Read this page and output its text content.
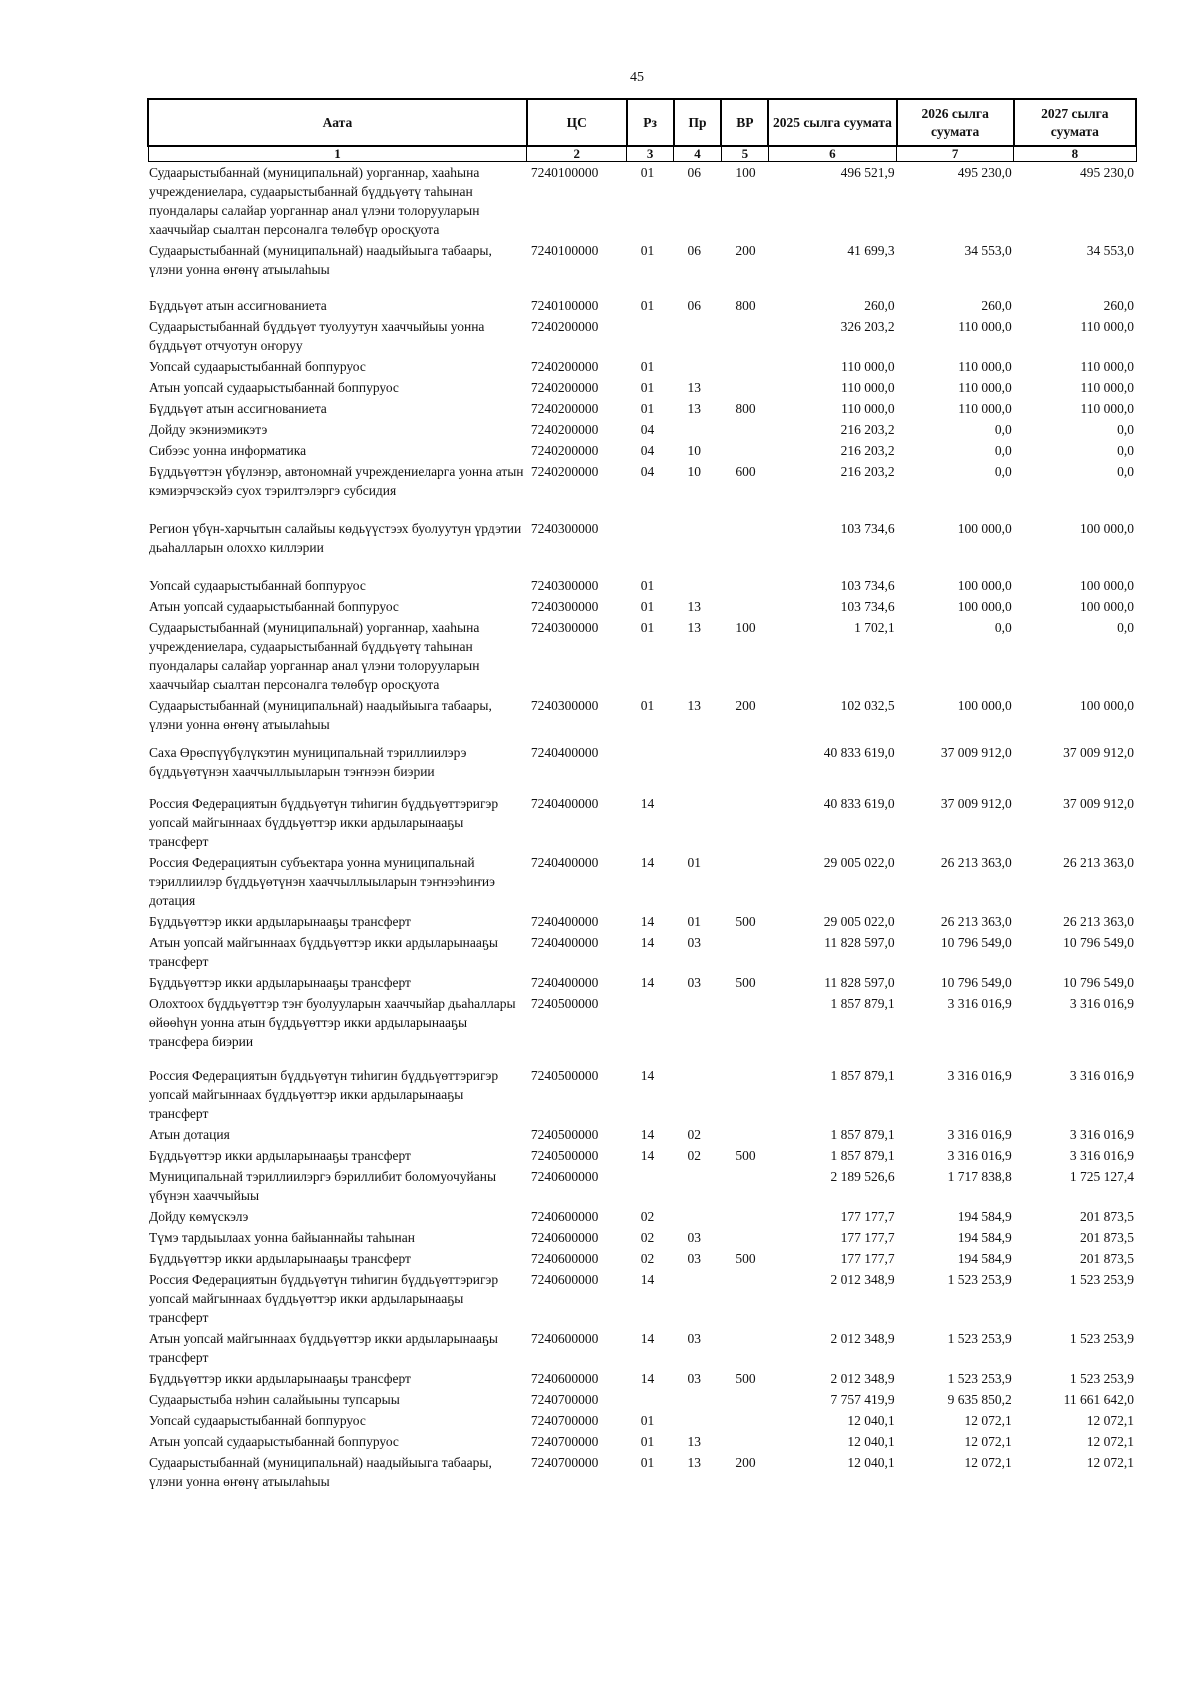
45
Аата	ЦС	Рз	Пр	ВР	2025 сылга суумата	2026 сылга суумата	2027 сылга суумата
1	2	3	4	5	6	7	8
Судаарыстыбаннай (муниципальнай) уорганнар, хааһына учреждениелара, судаарыстыбаннай бүддьүөтү таһынан пуондалары салайар уорганнар анал үлэни толорууларын хааччыйар сыалтан персоналга төлөбүр оросқуота	7240100000	01	06	100	496 521,9	495 230,0	495 230,0
Судаарыстыбаннай (муниципальнай) наадыйыыга табаары, үлэни уонна өҥөнү атыылаһыы	7240100000	01	06	200	41 699,3	34 553,0	34 553,0
Бүддьүөт атын ассигнованиета	7240100000	01	06	800	260,0	260,0	260,0
Судаарыстыбаннай бүддьүөт туолуутун хааччыйыы уонна бүддьүөт отчуотун оҥоруу	7240200000				326 203,2	110 000,0	110 000,0
Уопсай судаарыстыбаннай боппуруос	7240200000	01			110 000,0	110 000,0	110 000,0
Атын уопсай судаарыстыбаннай боппуруос	7240200000	01	13		110 000,0	110 000,0	110 000,0
Бүддьүөт атын ассигнованиета	7240200000	01	13	800	110 000,0	110 000,0	110 000,0
Дойду экэниэмикэтэ	7240200000	04			216 203,2	0,0	0,0
Сибээс уонна информатика	7240200000	04	10		216 203,2	0,0	0,0
Бүддьүөттэн үбүлэнэр, автономнай учреждениеларга уонна атын кэмиэрчэскэйэ суох тэрилтэлэргэ субсидия	7240200000	04	10	600	216 203,2	0,0	0,0
Регион үбүн-харчытын салайыы көдьүүстээх буолуутун үрдэтии дьаһалларын олоххо киллэрии	7240300000				103 734,6	100 000,0	100 000,0
Уопсай судаарыстыбаннай боппуруос	7240300000	01			103 734,6	100 000,0	100 000,0
Атын уопсай судаарыстыбаннай боппуруос	7240300000	01	13		103 734,6	100 000,0	100 000,0
Судаарыстыбаннай (муниципальнай) уорганнар, хааһына учреждениелара, судаарыстыбаннай бүддьүөтү таһынан пуондалары салайар уорганнар анал үлэни толорууларын хааччыйар сыалтан персоналга төлөбүр оросқуота	7240300000	01	13	100	1 702,1	0,0	0,0
Судаарыстыбаннай (муниципальнай) наадыйыыга табаары, үлэни уонна өҥөнү атыылаһыы	7240300000	01	13	200	102 032,5	100 000,0	100 000,0
Саха Өрөспүүбүлүкэтин муниципальнай тэриллиилэрэ бүддьүөтүнэн хааччыллыыларын тэҥнээн биэрии	7240400000				40 833 619,0	37 009 912,0	37 009 912,0
Россия Федерациятын бүддьүөтүн тиһигин бүддьүөттэригэр уопсай майгыннаах бүддьүөттэр икки ардыларынааҕы трансферт	7240400000	14			40 833 619,0	37 009 912,0	37 009 912,0
Россия Федерациятын субъектара уонна муниципальнай тэриллиилэр бүддьүөтүнэн хааччыллыыларын тэҥнээһиҥиэ дотация	7240400000	14	01		29 005 022,0	26 213 363,0	26 213 363,0
Бүддьүөттэр икки ардыларынааҕы трансферт	7240400000	14	01	500	29 005 022,0	26 213 363,0	26 213 363,0
Атын уопсай майгыннаах бүддьүөттэр икки ардыларынааҕы трансферт	7240400000	14	03		11 828 597,0	10 796 549,0	10 796 549,0
Бүддьүөттэр икки ардыларынааҕы трансферт	7240400000	14	03	500	11 828 597,0	10 796 549,0	10 796 549,0
Олохтоох бүддьүөттэр тэҥ буолууларын хааччыйар дьаһаллары өйөөһүн уонна атын бүддьүөттэр икки ардыларынааҕы трансфера биэрии	7240500000				1 857 879,1	3 316 016,9	3 316 016,9
Россия Федерациятын бүддьүөтүн тиһигин бүддьүөттэригэр уопсай майгыннаах бүддьүөттэр икки ардыларынааҕы трансферт	7240500000	14			1 857 879,1	3 316 016,9	3 316 016,9
Атын дотация	7240500000	14	02		1 857 879,1	3 316 016,9	3 316 016,9
Бүддьүөттэр икки ардыларынааҕы трансферт	7240500000	14	02	500	1 857 879,1	3 316 016,9	3 316 016,9
Муниципальнай тэриллиилэргэ бэриллибит боломуочуйаны үбүнэн хааччыйыы	7240600000				2 189 526,6	1 717 838,8	1 725 127,4
Дойду көмүскэлэ	7240600000	02			177 177,7	194 584,9	201 873,5
Түмэ тардыылаах уонна байыаннайы таһынан	7240600000	02	03		177 177,7	194 584,9	201 873,5
Бүддьүөттэр икки ардыларынааҕы трансферт	7240600000	02	03	500	177 177,7	194 584,9	201 873,5
Россия Федерациятын бүддьүөтүн тиһигин бүддьүөттэригэр уопсай майгыннаах бүддьүөттэр икки ардыларынааҕы трансферт	7240600000	14			2 012 348,9	1 523 253,9	1 523 253,9
Атын уопсай майгыннаах бүддьүөттэр икки ардыларынааҕы трансферт	7240600000	14	03		2 012 348,9	1 523 253,9	1 523 253,9
Бүддьүөттэр икки ардыларынааҕы трансферт	7240600000	14	03	500	2 012 348,9	1 523 253,9	1 523 253,9
Судаарыстыба нэһин салайыыны тупсарыы	7240700000				7 757 419,9	9 635 850,2	11 661 642,0
Уопсай судаарыстыбаннай боппуруос	7240700000	01			12 040,1	12 072,1	12 072,1
Атын уопсай судаарыстыбаннай боппуруос	7240700000	01	13		12 040,1	12 072,1	12 072,1
Судаарыстыбаннай (муниципальнай) наадыйыыга табаары, үлэни уонна өҥөнү атыылаһыы	7240700000	01	13	200	12 040,1	12 072,1	12 072,1
